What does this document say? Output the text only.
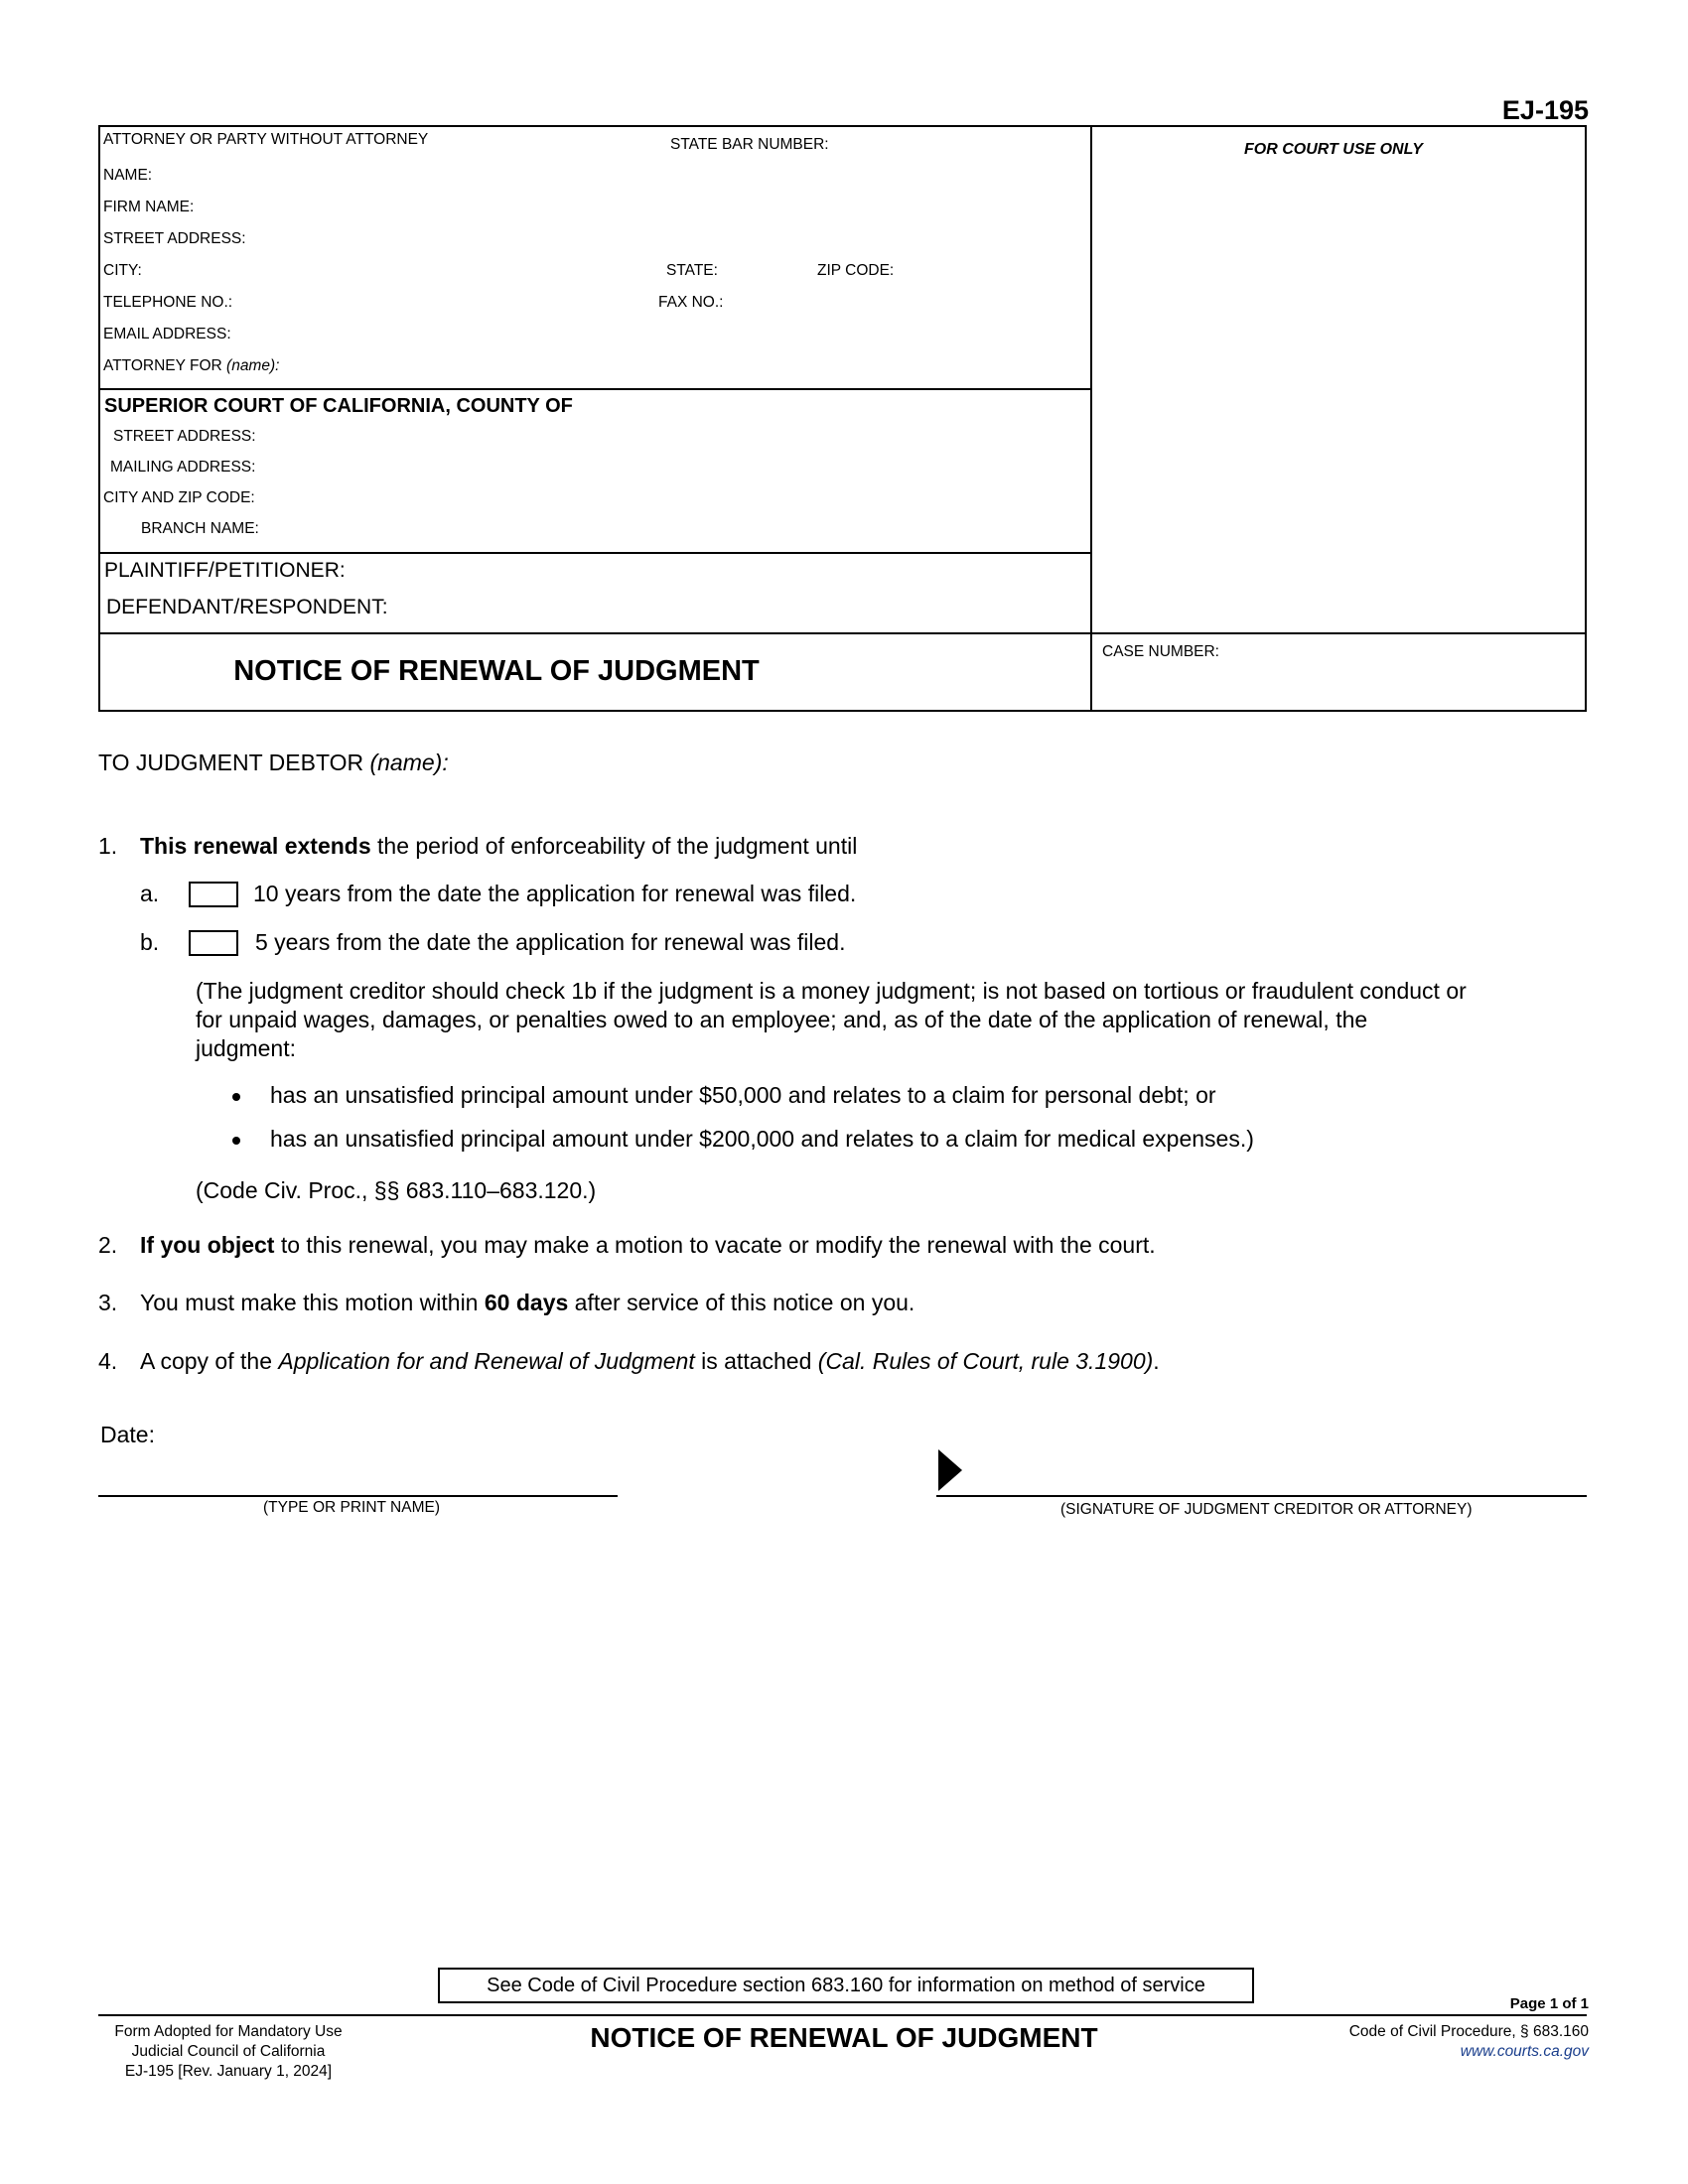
EJ-195
ATTORNEY OR PARTY WITHOUT ATTORNEY	STATE BAR NUMBER:
NAME:
FIRM NAME:
STREET ADDRESS:
CITY:	STATE:	ZIP CODE:
TELEPHONE NO.:	FAX NO.:
EMAIL ADDRESS:
ATTORNEY FOR (name):
FOR COURT USE ONLY
SUPERIOR COURT OF CALIFORNIA, COUNTY OF
STREET ADDRESS:
MAILING ADDRESS:
CITY AND ZIP CODE:
BRANCH NAME:
PLAINTIFF/PETITIONER:
DEFENDANT/RESPONDENT:
CASE NUMBER:
NOTICE OF RENEWAL OF JUDGMENT
TO JUDGMENT DEBTOR (name):
1. This renewal extends the period of enforceability of the judgment until
a.	10 years from the date the application for renewal was filed.
b.	5 years from the date the application for renewal was filed.
(The judgment creditor should check 1b if the judgment is a money judgment; is not based on tortious or fraudulent conduct or
for unpaid wages, damages, or penalties owed to an employee; and, as of the date of the application of renewal, the
judgment:
has an unsatisfied principal amount under $50,000 and relates to a claim for personal debt; or
has an unsatisfied principal amount under $200,000 and relates to a claim for medical expenses.)
(Code Civ. Proc., §§ 683.110–683.120.)
2. If you object to this renewal, you may make a motion to vacate or modify the renewal with the court.
3. You must make this motion within 60 days after service of this notice on you.
4. A copy of the Application for and Renewal of Judgment is attached (Cal. Rules of Court, rule 3.1900).
Date:
(TYPE OR PRINT NAME)	(SIGNATURE OF JUDGMENT CREDITOR OR ATTORNEY)
See Code of Civil Procedure section 683.160 for information on method of service
Page 1 of 1
Form Adopted for Mandatory Use
Judicial Council of California
EJ-195 [Rev. January 1, 2024]
NOTICE OF RENEWAL OF JUDGMENT	Code of Civil Procedure, § 683.160
www.courts.ca.gov
